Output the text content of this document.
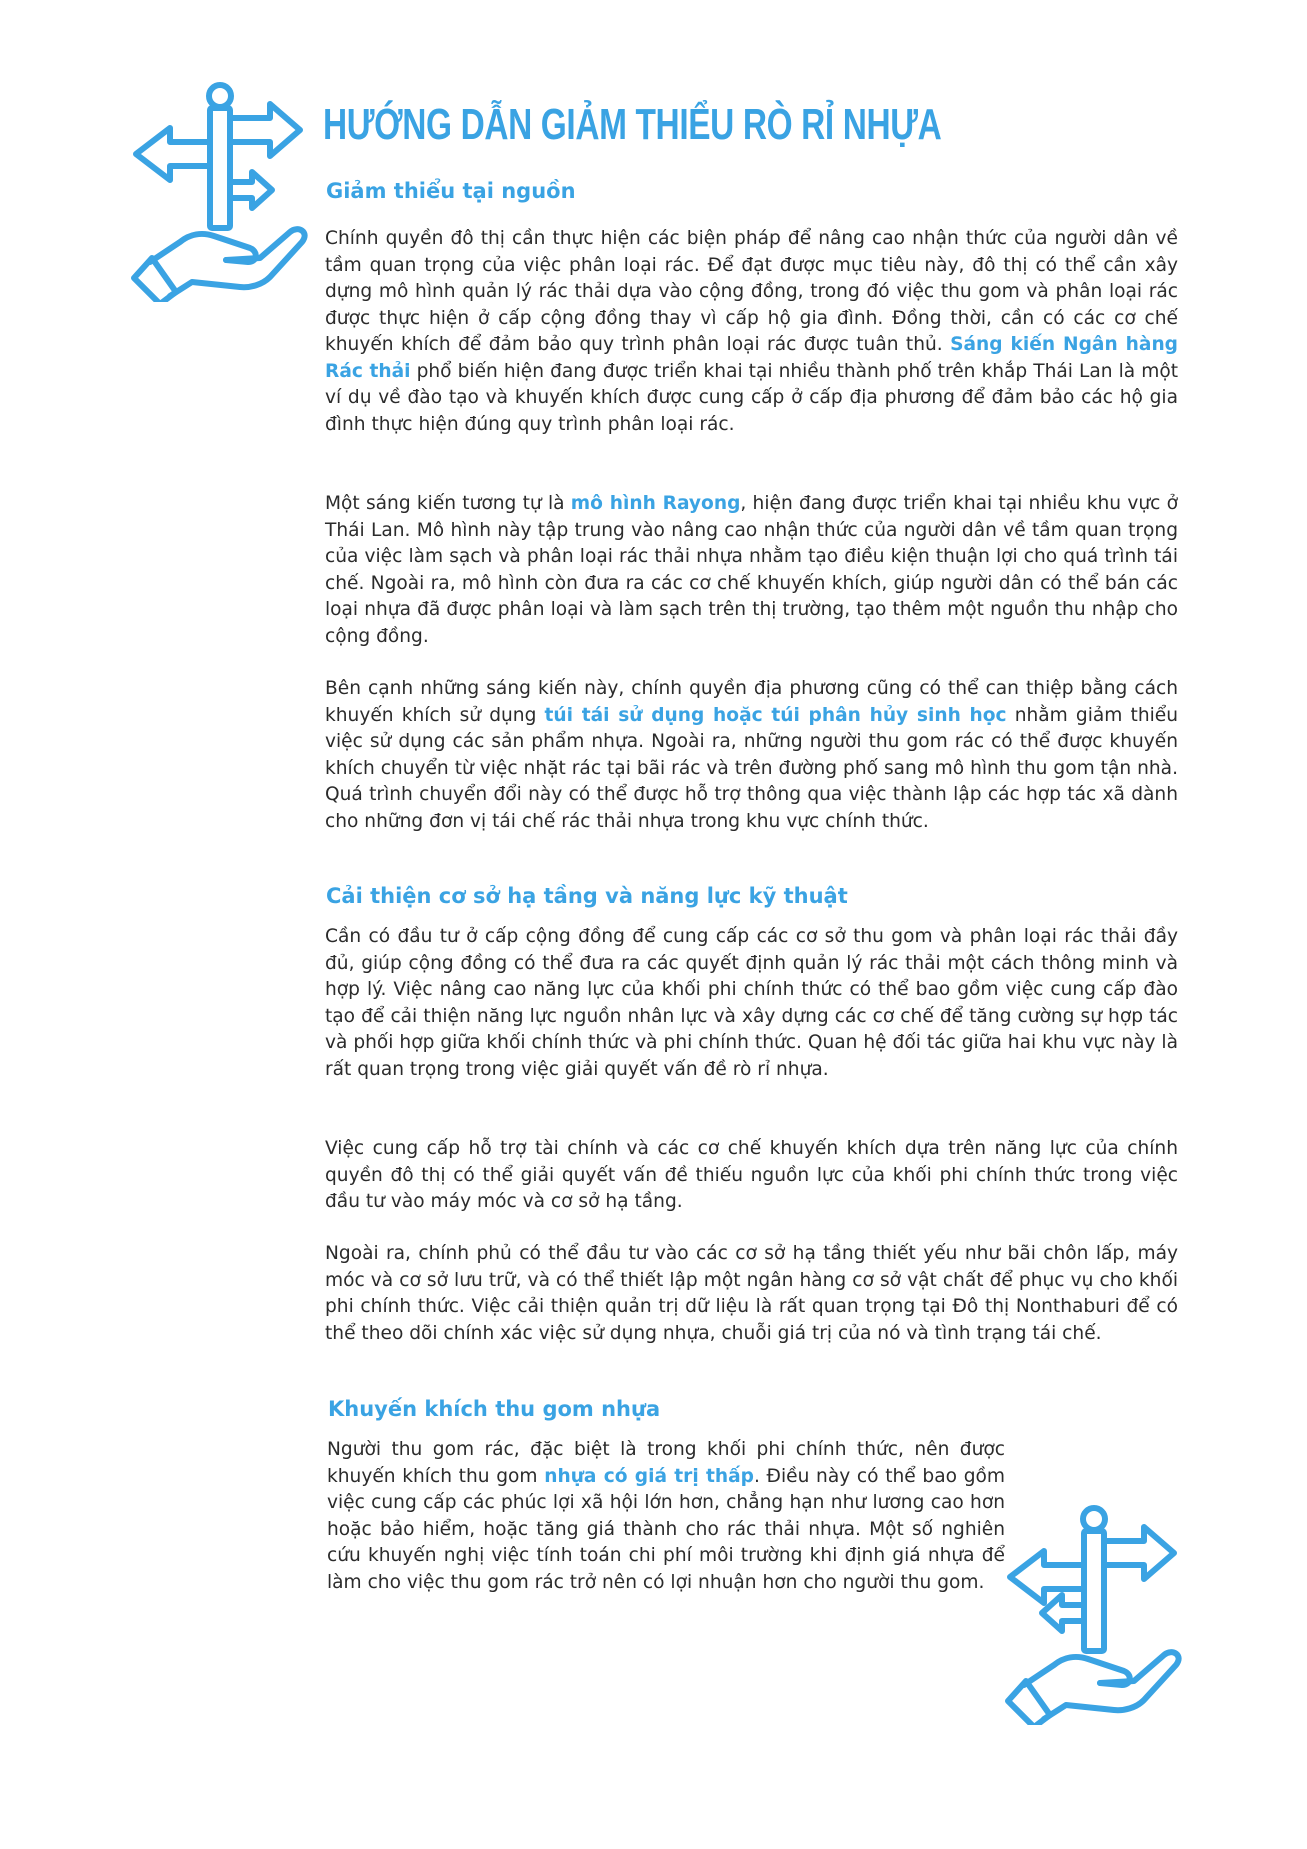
HƯỚNG DẪN GIẢM THIỂU RÒ RỈ NHỰA
Giảm thiểu tại nguồn

Chính quyền đô thị cần thực hiện các biện pháp để nâng cao nhận thức của người dân về tầm quan trọng của việc phân loại rác. Để đạt được mục tiêu này, đô thị có thể cần xây dựng mô hình quản lý rác thải dựa vào cộng đồng, trong đó việc thu gom và phân loại rác được thực hiện ở cấp cộng đồng thay vì cấp hộ gia đình. Đồng thời, cần có các cơ chế khuyến khích để đảm bảo quy trình phân loại rác được tuân thủ. Sáng kiến Ngân hàng Rác thải phổ biến hiện đang được triển khai tại nhiều thành phố trên khắp Thái Lan là một ví dụ về đào tạo và khuyến khích được cung cấp ở cấp địa phương để đảm bảo các hộ gia đình thực hiện đúng quy trình phân loại rác.

Một sáng kiến tương tự là mô hình Rayong, hiện đang được triển khai tại nhiều khu vực ở Thái Lan. Mô hình này tập trung vào nâng cao nhận thức của người dân về tầm quan trọng của việc làm sạch và phân loại rác thải nhựa nhằm tạo điều kiện thuận lợi cho quá trình tái chế. Ngoài ra, mô hình còn đưa ra các cơ chế khuyến khích, giúp người dân có thể bán các loại nhựa đã được phân loại và làm sạch trên thị trường, tạo thêm một nguồn thu nhập cho cộng đồng.

Bên cạnh những sáng kiến này, chính quyền địa phương cũng có thể can thiệp bằng cách khuyến khích sử dụng túi tái sử dụng hoặc túi phân hủy sinh học nhằm giảm thiểu việc sử dụng các sản phẩm nhựa. Ngoài ra, những người thu gom rác có thể được khuyến khích chuyển từ việc nhặt rác tại bãi rác và trên đường phố sang mô hình thu gom tận nhà. Quá trình chuyển đổi này có thể được hỗ trợ thông qua việc thành lập các hợp tác xã dành cho những đơn vị tái chế rác thải nhựa trong khu vực chính thức.

Cải thiện cơ sở hạ tầng và năng lực kỹ thuật

Cần có đầu tư ở cấp cộng đồng để cung cấp các cơ sở thu gom và phân loại rác thải đầy đủ, giúp cộng đồng có thể đưa ra các quyết định quản lý rác thải một cách thông minh và hợp lý. Việc nâng cao năng lực của khối phi chính thức có thể bao gồm việc cung cấp đào tạo để cải thiện năng lực nguồn nhân lực và xây dựng các cơ chế để tăng cường sự hợp tác và phối hợp giữa khối chính thức và phi chính thức. Quan hệ đối tác giữa hai khu vực này là rất quan trọng trong việc giải quyết vấn đề rò rỉ nhựa.

Việc cung cấp hỗ trợ tài chính và các cơ chế khuyến khích dựa trên năng lực của chính quyền đô thị có thể giải quyết vấn đề thiếu nguồn lực của khối phi chính thức trong việc đầu tư vào máy móc và cơ sở hạ tầng.

Ngoài ra, chính phủ có thể đầu tư vào các cơ sở hạ tầng thiết yếu như bãi chôn lấp, máy móc và cơ sở lưu trữ, và có thể thiết lập một ngân hàng cơ sở vật chất để phục vụ cho khối phi chính thức. Việc cải thiện quản trị dữ liệu là rất quan trọng tại Đô thị Nonthaburi để có thể theo dõi chính xác việc sử dụng nhựa, chuỗi giá trị của nó và tình trạng tái chế.

Khuyến khích thu gom nhựa

Người thu gom rác, đặc biệt là trong khối phi chính thức, nên được khuyến khích thu gom nhựa có giá trị thấp. Điều này có thể bao gồm việc cung cấp các phúc lợi xã hội lớn hơn, chẳng hạn như lương cao hơn hoặc bảo hiểm, hoặc tăng giá thành cho rác thải nhựa. Một số nghiên cứu khuyến nghị việc tính toán chi phí môi trường khi định giá nhựa để làm cho việc thu gom rác trở nên có lợi nhuận hơn cho người thu gom.
